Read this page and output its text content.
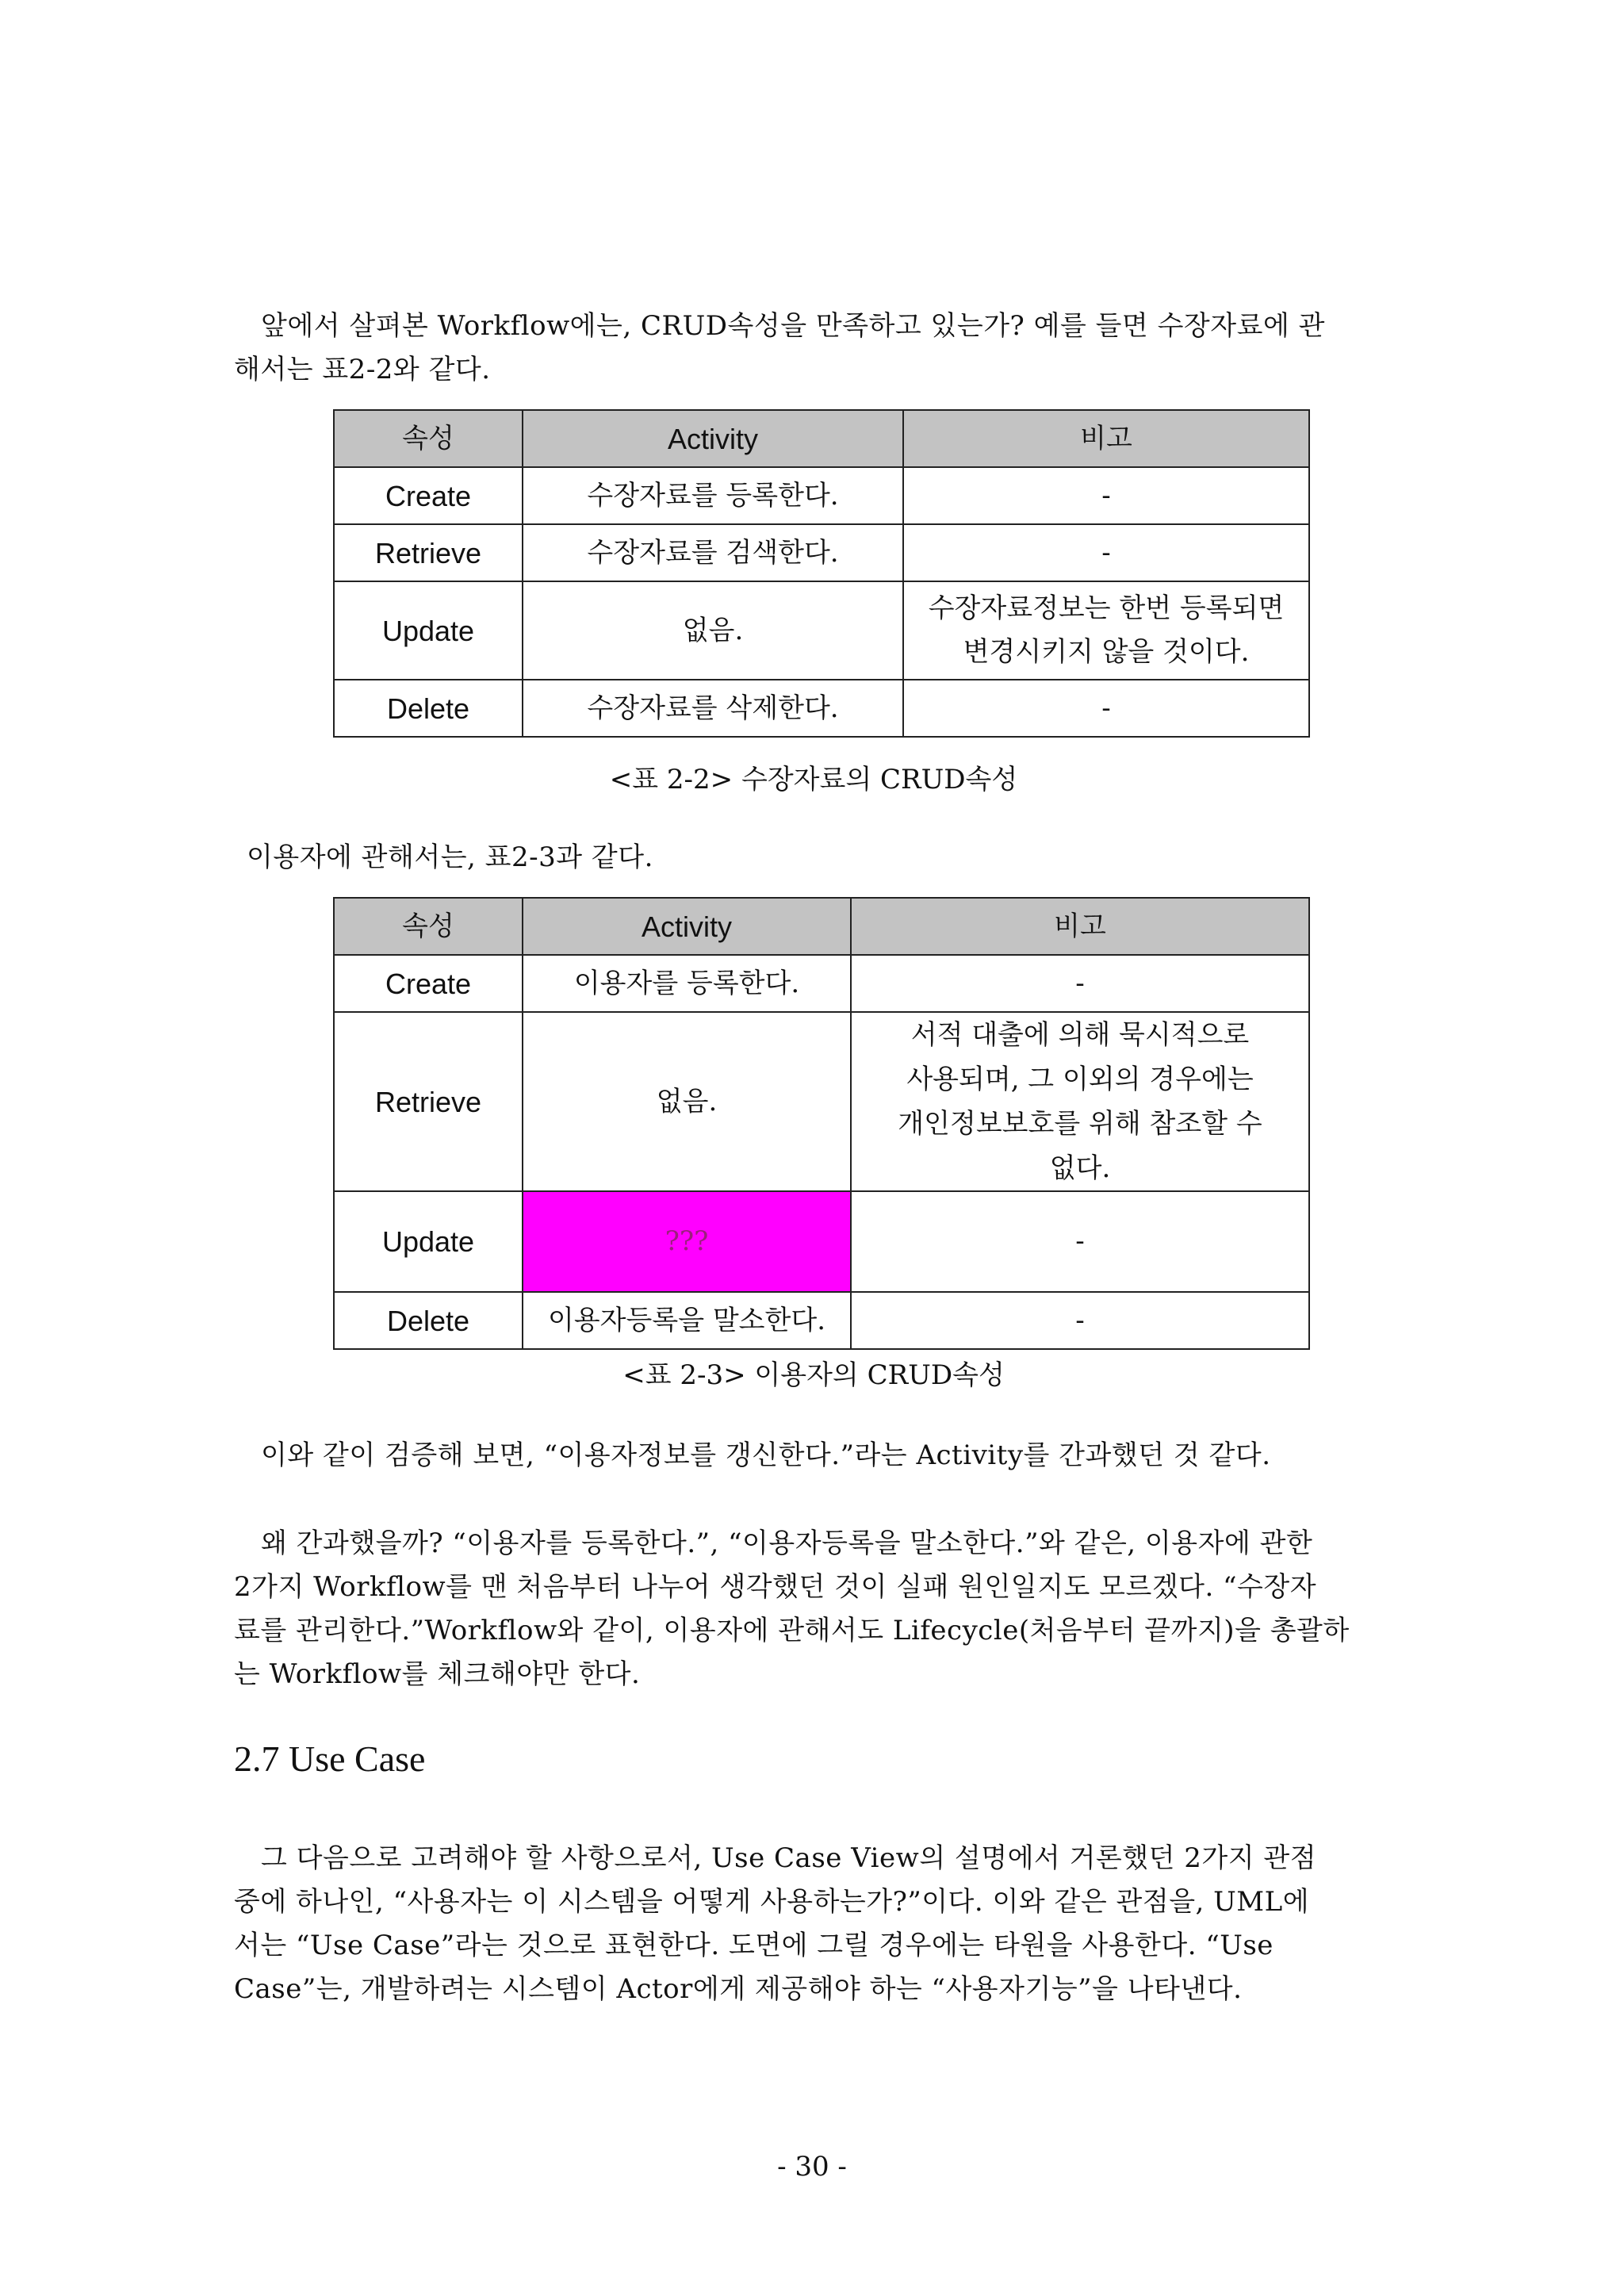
앞에서 살펴본 Workflow에는, CRUD속성을 만족하고 있는가? 예를 들면 수장자료에 관
해서는 표2-2와 같다.

속성	Activity	비고
Create	수장자료를 등록한다.	-
Retrieve	수장자료를 검색한다.	-
Update	없음.	수장자료정보는 한번 등록되면
변경시키지 않을 것이다.
Delete	수장자료를 삭제한다.	-

<표 2-2> 수장자료의 CRUD속성

이용자에 관해서는, 표2-3과 같다.

속성	Activity	비고
Create	이용자를 등록한다.	-
Retrieve	없음.	서적 대출에 의해 묵시적으로
사용되며, 그 이외의 경우에는
개인정보보호를 위해 참조할 수
없다.
Update	???	-
Delete	이용자등록을 말소한다.	-

<표 2-3> 이용자의 CRUD속성

이와 같이 검증해 보면, “이용자정보를 갱신한다.”라는 Activity를 간과했던 것 같다.

왜 간과했을까? “이용자를 등록한다.”, “이용자등록을 말소한다.”와 같은, 이용자에 관한
2가지 Workflow를 맨 처음부터 나누어 생각했던 것이 실패 원인일지도 모르겠다. “수장자
료를 관리한다.”Workflow와 같이, 이용자에 관해서도 Lifecycle(처음부터 끝까지)을 총괄하
는 Workflow를 체크해야만 한다.

2.7 Use Case

그 다음으로 고려해야 할 사항으로서, Use Case View의 설명에서 거론했던 2가지 관점
중에 하나인, “사용자는 이 시스템을 어떻게 사용하는가?”이다. 이와 같은 관점을, UML에
서는 “Use Case”라는 것으로 표현한다. 도면에 그릴 경우에는 타원을 사용한다. “Use
Case”는, 개발하려는 시스템이 Actor에게 제공해야 하는 “사용자기능”을 나타낸다.

- 30 -
